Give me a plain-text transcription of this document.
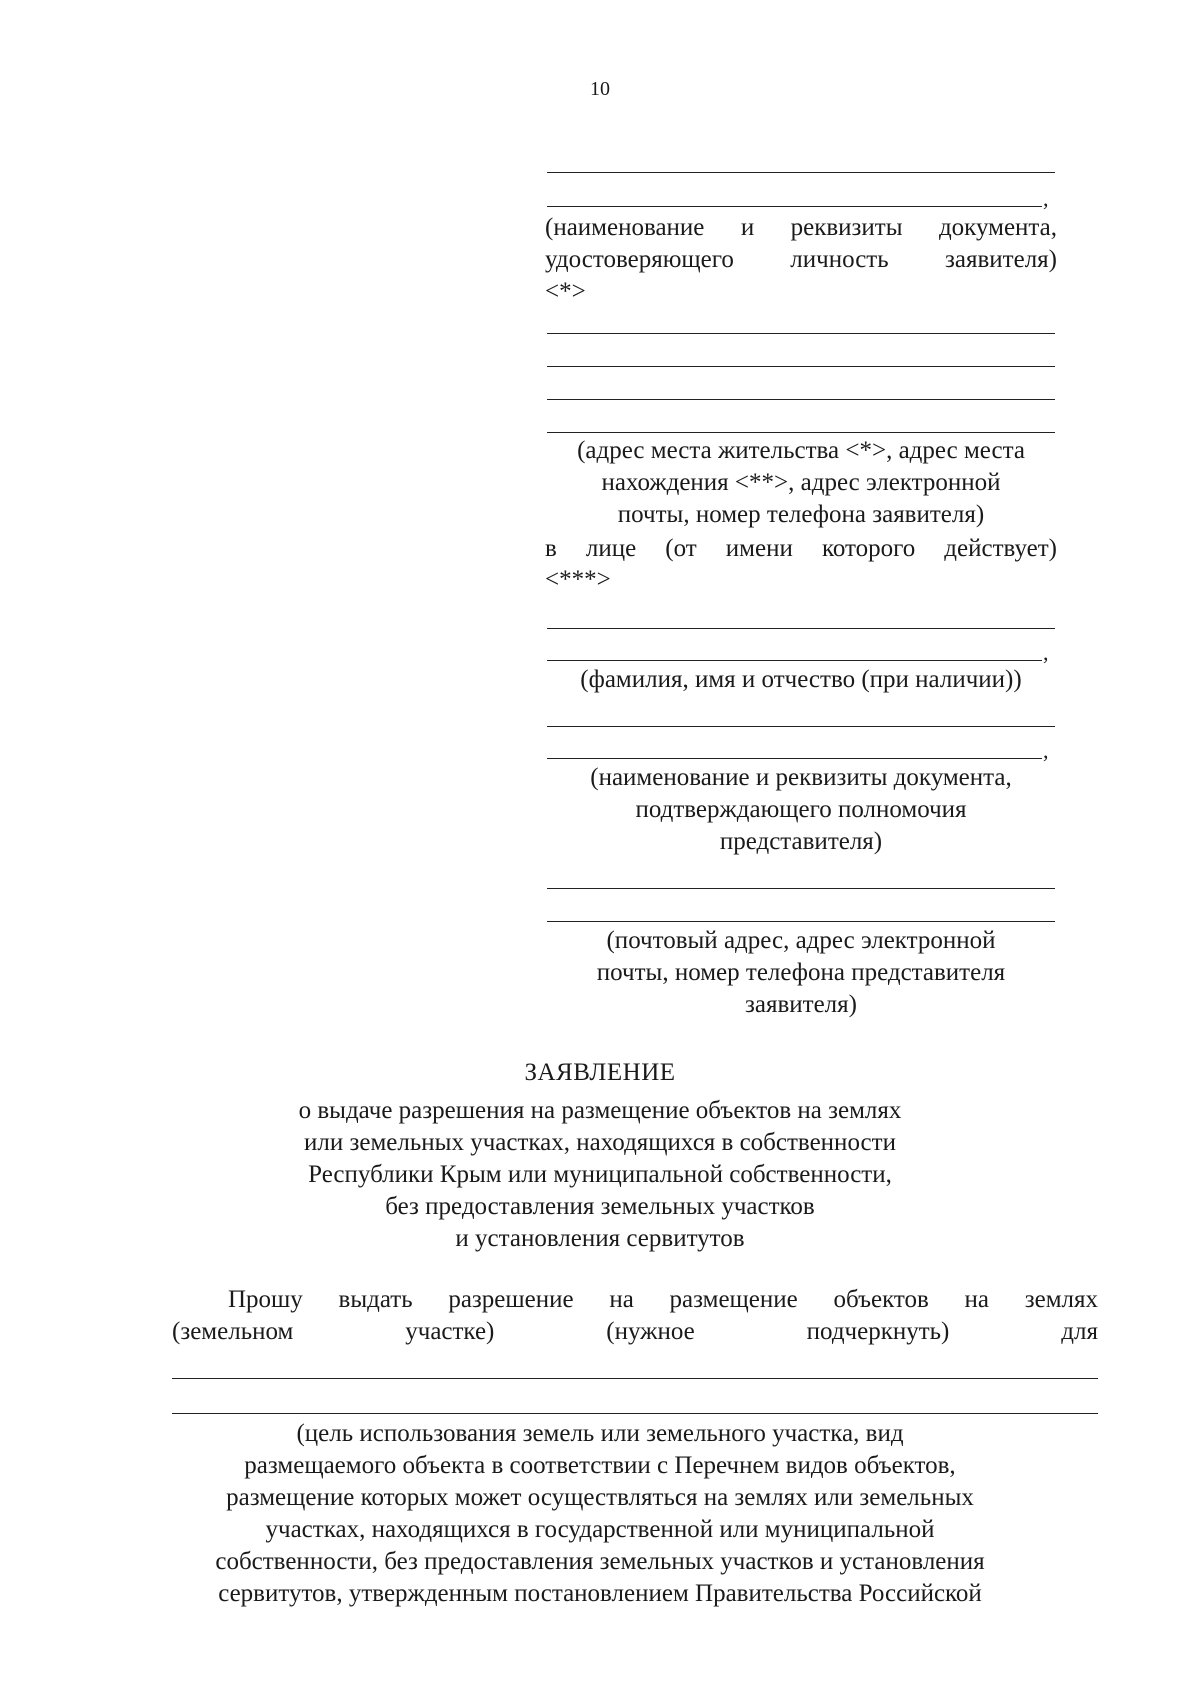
10
,
(наименование и реквизиты документа,
удостоверяющего личность заявителя)
<*>
(адрес места жительства <*>, адрес места
нахождения <**>, адрес электронной
почты, номер телефона заявителя)
в лице (от имени которого действует)
<***>
,
(фамилия, имя и отчество (при наличии))
,
(наименование и реквизиты документа,
подтверждающего полномочия
представителя)
(почтовый адрес, адрес электронной
почты, номер телефона представителя
заявителя)
ЗАЯВЛЕНИЕ
о выдаче разрешения на размещение объектов на землях
или земельных участках, находящихся в собственности
Республики Крым или муниципальной собственности,
без предоставления земельных участков
и установления сервитутов
Прошу выдать разрешение на размещение объектов на землях
(земельном участке) (нужное подчеркнуть) для
(цель использования земель или земельного участка, вид
размещаемого объекта в соответствии с Перечнем видов объектов,
размещение которых может осуществляться на землях или земельных
участках, находящихся в государственной или муниципальной
собственности, без предоставления земельных участков и установления
сервитутов, утвержденным постановлением Правительства Российской
